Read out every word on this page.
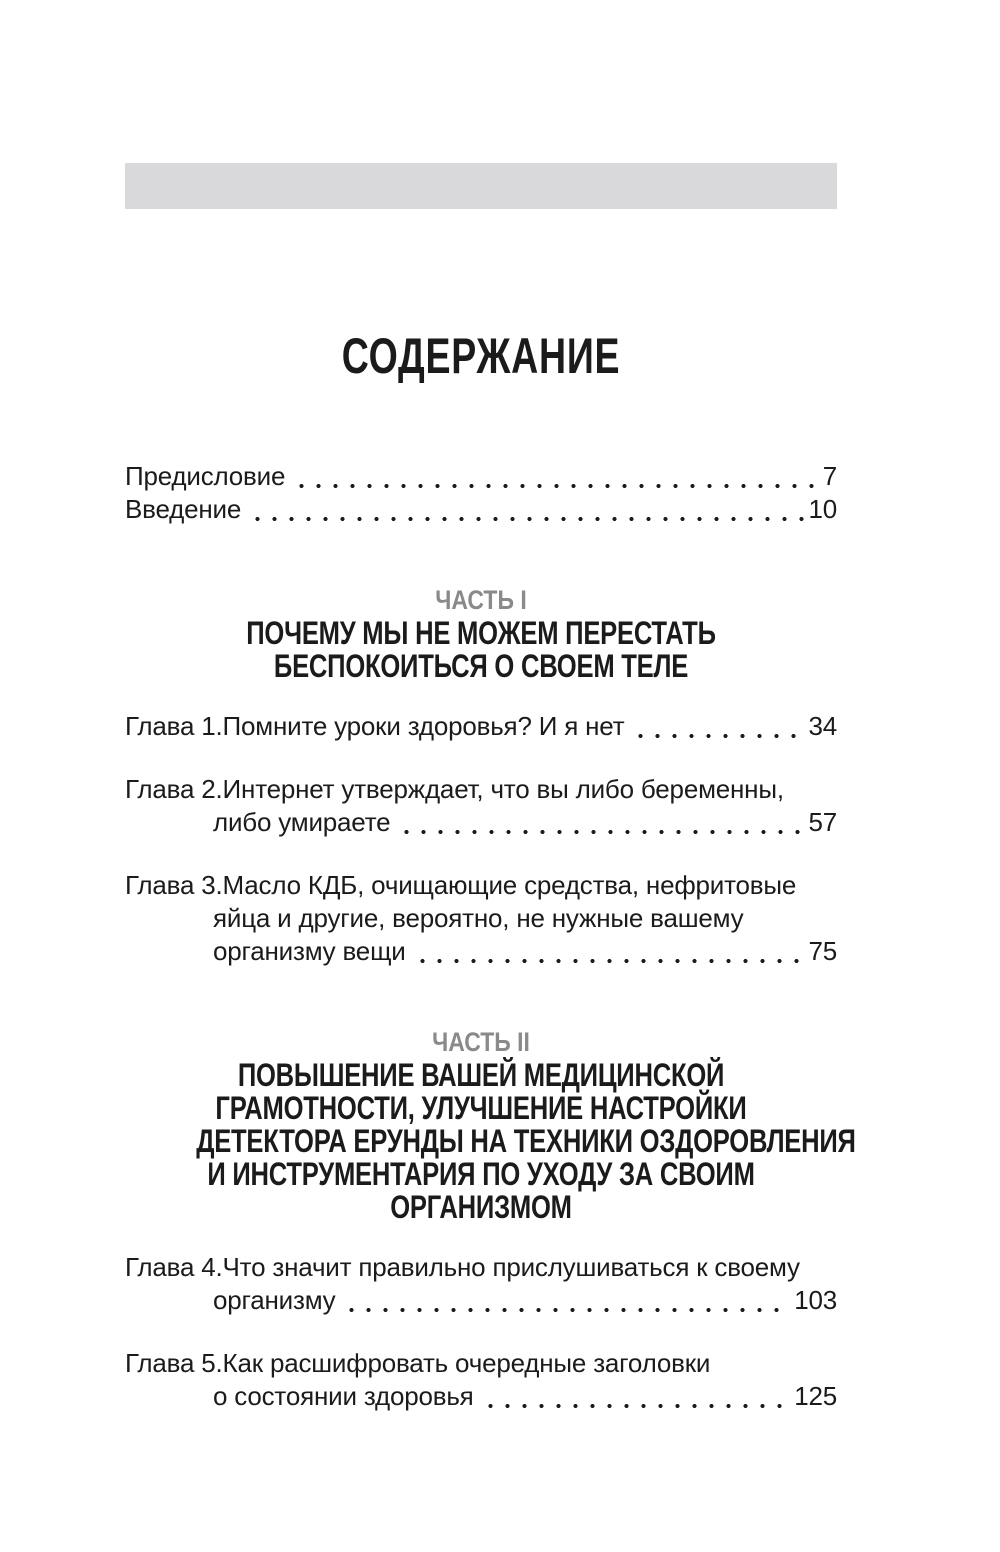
СОДЕРЖАНИЕ
Предисловие	7
Введение	10
ЧАСТЬ I
ПОЧЕМУ МЫ НЕ МОЖЕМ ПЕРЕСТАТЬ
БЕСПОКОИТЬСЯ О СВОЕМ ТЕЛЕ
Глава 1. Помните уроки здоровья? И я нет	34
Глава 2. Интернет утверждает, что вы либо беременны,
либо умираете	57
Глава 3. Масло КДБ, очищающие средства, нефритовые
яйца и другие, вероятно, не нужные вашему
организму вещи	75
ЧАСТЬ II
ПОВЫШЕНИЕ ВАШЕЙ МЕДИЦИНСКОЙ
ГРАМОТНОСТИ, УЛУЧШЕНИЕ НАСТРОЙКИ
ДЕТЕКТОРА ЕРУНДЫ НА ТЕХНИКИ ОЗДОРОВЛЕНИЯ
И ИНСТРУМЕНТАРИЯ ПО УХОДУ ЗА СВОИМ
ОРГАНИЗМОМ
Глава 4. Что значит правильно прислушиваться к своему
организму	103
Глава 5. Как расшифровать очередные заголовки
о состоянии здоровья	125
